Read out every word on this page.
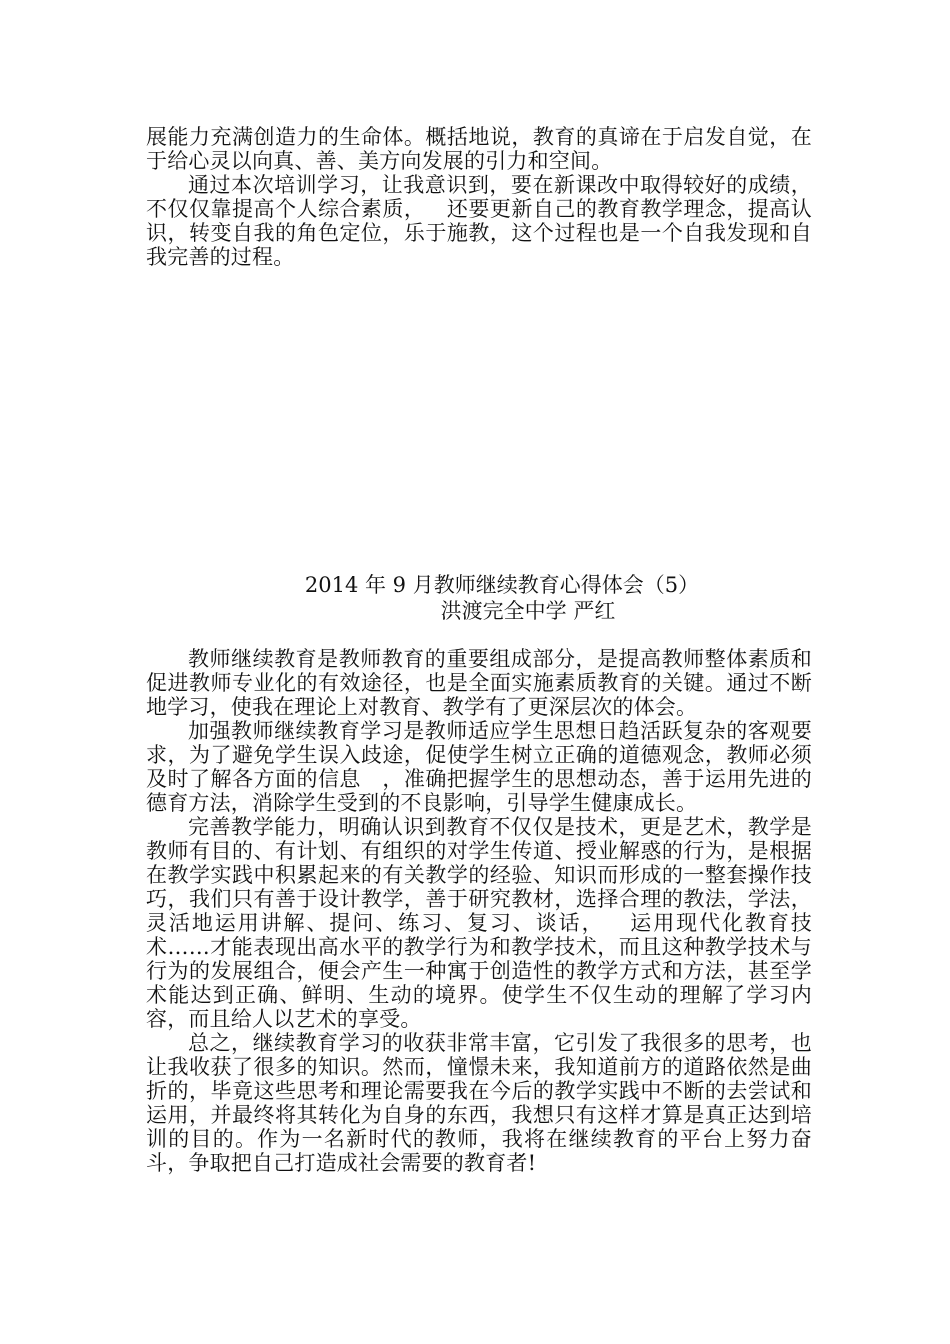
展能力充满创造力的生命体。概括地说，教育的真谛在于启发自觉，在于给心灵以向真、善、美方向发展的引力和空间。

通过本次培训学习，让我意识到，要在新课改中取得较好的成绩，不仅仅靠提高个人综合素质，   还要更新自己的教育教学理念，提高认识，转变自我的角色定位，乐于施教，这个过程也是一个自我发现和自我完善的过程。

2014 年 9 月教师继续教育心得体会（5）

洪渡完全中学 严红

教师继续教育是教师教育的重要组成部分，是提高教师整体素质和促进教师专业化的有效途径，也是全面实施素质教育的关键。通过不断地学习，使我在理论上对教育、教学有了更深层次的体会。

加强教师继续教育学习是教师适应学生思想日趋活跃复杂的客观要求，为了避免学生误入歧途，促使学生树立正确的道德观念，教师必须及时了解各方面的信息   ，准确把握学生的思想动态，善于运用先进的德育方法，消除学生受到的不良影响，引导学生健康成长。

完善教学能力，明确认识到教育不仅仅是技术，更是艺术，教学是教师有目的、有计划、有组织的对学生传道、授业解惑的行为，是根据在教学实践中积累起来的有关教学的经验、知识而形成的一整套操作技巧，我们只有善于设计教学，善于研究教材，选择合理的教法，学法，灵活地运用讲解、提问、练习、复习、谈话，   运用现代化教育技术……才能表现出高水平的教学行为和教学技术，而且这种教学技术与行为的发展组合，便会产生一种寓于创造性的教学方式和方法，甚至学术能达到正确、鲜明、生动的境界。使学生不仅生动的理解了学习内容，而且给人以艺术的享受。

总之，继续教育学习的收获非常丰富，它引发了我很多的思考，也让我收获了很多的知识。然而，憧憬未来，我知道前方的道路依然是曲折的，毕竟这些思考和理论需要我在今后的教学实践中不断的去尝试和运用，并最终将其转化为自身的东西，我想只有这样才算是真正达到培训的目的。作为一名新时代的教师，我将在继续教育的平台上努力奋斗，争取把自己打造成社会需要的教育者!
